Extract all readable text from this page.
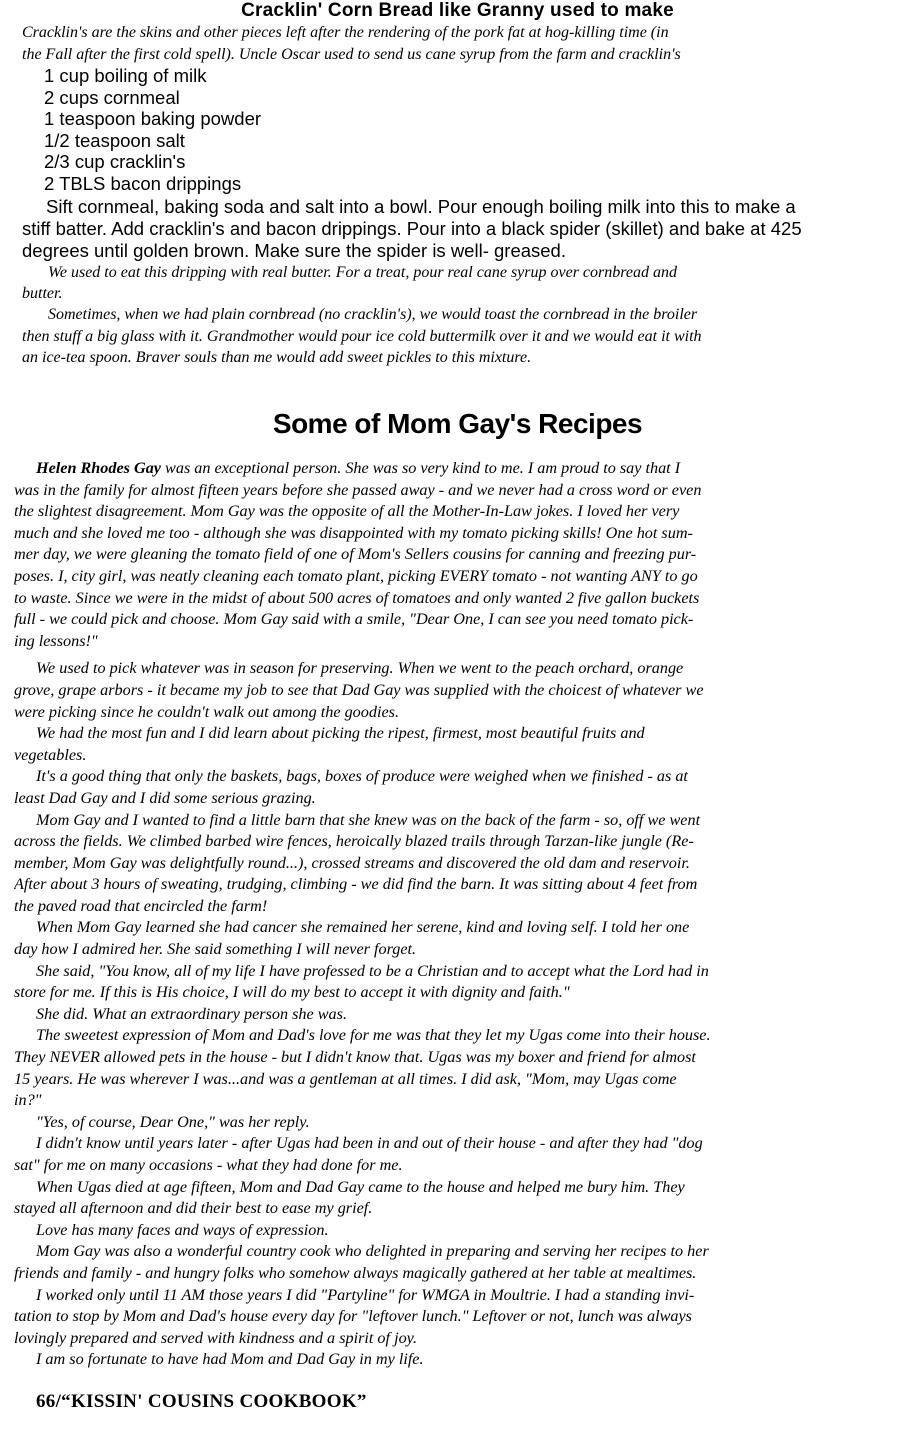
Cracklin' Corn Bread like Granny used to make

Cracklin's are the skins and other pieces left after the rendering of the pork fat at hog-killing time (in
the Fall after the first cold spell). Uncle Oscar used to send us cane syrup from the farm and cracklin's

1 cup boiling of milk
2 cups cornmeal
1 teaspoon baking powder
1/2 teaspoon salt
2/3 cup cracklin's
2 TBLS bacon drippings

Sift cornmeal, baking soda and salt into a bowl. Pour enough boiling milk into this to make a
stiff batter. Add cracklin's and bacon drippings. Pour into a black spider (skillet) and bake at 425
degrees until golden brown. Make sure the spider is well- greased.

We used to eat this dripping with real butter. For a treat, pour real cane syrup over cornbread and
butter.
Sometimes, when we had plain cornbread (no cracklin's), we would toast the cornbread in the broiler
then stuff a big glass with it. Grandmother would pour ice cold buttermilk over it and we would eat it with
an ice-tea spoon. Braver souls than me would add sweet pickles to this mixture.

Some of Mom Gay's Recipes
Helen Rhodes Gay was an exceptional person. She was so very kind to me. I am proud to say that I
was in the family for almost fifteen years before she passed away - and we never had a cross word or even
the slightest disagreement. Mom Gay was the opposite of all the Mother-In-Law jokes. I loved her very
much and she loved me too - although she was disappointed with my tomato picking skills! One hot sum-
mer day, we were gleaning the tomato field of one of Mom's Sellers cousins for canning and freezing pur-
poses. I, city girl, was neatly cleaning each tomato plant, picking EVERY tomato - not wanting ANY to go
to waste. Since we were in the midst of about 500 acres of tomatoes and only wanted 2 five gallon buckets
full - we could pick and choose. Mom Gay said with a smile, "Dear One, I can see you need tomato pick-
ing lessons!"
We used to pick whatever was in season for preserving. When we went to the peach orchard, orange
grove, grape arbors - it became my job to see that Dad Gay was supplied with the choicest of whatever we
were picking since he couldn't walk out among the goodies.
We had the most fun and I did learn about picking the ripest, firmest, most beautiful fruits and
vegetables.
It's a good thing that only the baskets, bags, boxes of produce were weighed when we finished - as at
least Dad Gay and I did some serious grazing.
Mom Gay and I wanted to find a little barn that she knew was on the back of the farm - so, off we went
across the fields. We climbed barbed wire fences, heroically blazed trails through Tarzan-like jungle (Re-
member, Mom Gay was delightfully round...), crossed streams and discovered the old dam and reservoir.
After about 3 hours of sweating, trudging, climbing - we did find the barn. It was sitting about 4 feet from
the paved road that encircled the farm!
When Mom Gay learned she had cancer she remained her serene, kind and loving self. I told her one
day how I admired her. She said something I will never forget.
She said, "You know, all of my life I have professed to be a Christian and to accept what the Lord had in
store for me. If this is His choice, I will do my best to accept it with dignity and faith."
She did. What an extraordinary person she was.
The sweetest expression of Mom and Dad's love for me was that they let my Ugas come into their house.
They NEVER allowed pets in the house - but I didn't know that. Ugas was my boxer and friend for almost
15 years. He was wherever I was...and was a gentleman at all times. I did ask, "Mom, may Ugas come
in?"
"Yes, of course, Dear One," was her reply.
I didn't know until years later - after Ugas had been in and out of their house - and after they had "dog
sat" for me on many occasions - what they had done for me.
When Ugas died at age fifteen, Mom and Dad Gay came to the house and helped me bury him. They
stayed all afternoon and did their best to ease my grief.
Love has many faces and ways of expression.
Mom Gay was also a wonderful country cook who delighted in preparing and serving her recipes to her
friends and family - and hungry folks who somehow always magically gathered at her table at mealtimes.
I worked only until 11 AM those years I did "Partyline" for WMGA in Moultrie. I had a standing invi-
tation to stop by Mom and Dad's house every day for "leftover lunch." Leftover or not, lunch was always
lovingly prepared and served with kindness and a spirit of joy.
I am so fortunate to have had Mom and Dad Gay in my life.
66/“KISSIN' COUSINS COOKBOOK”
